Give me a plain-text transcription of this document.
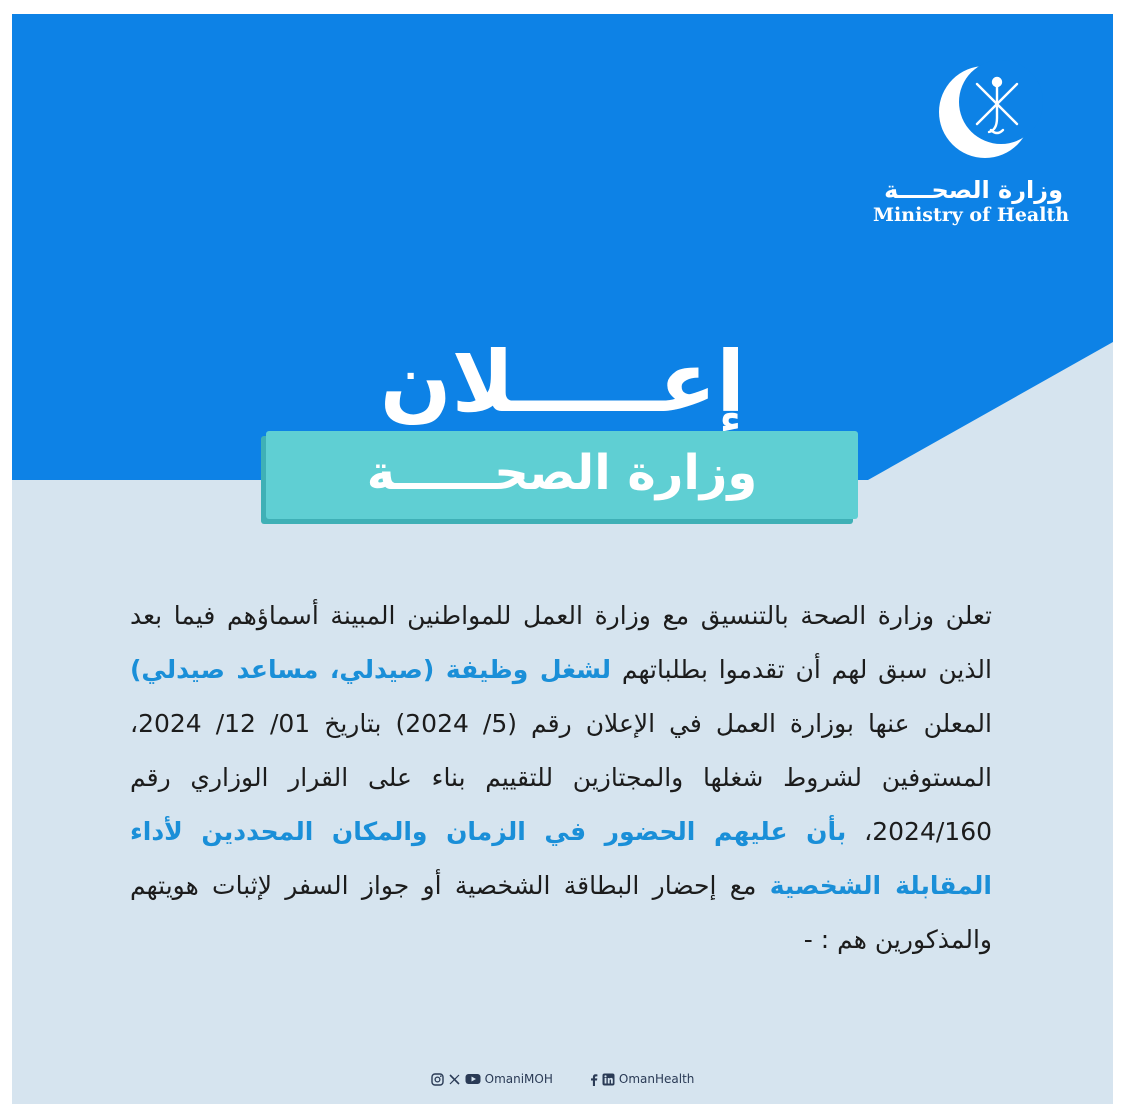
وزارة الصحــــة
Ministry of Health
إعـــــلان
وزارة الصحــــــة
تعلن وزارة الصحة بالتنسيق مع وزارة العمل للمواطنين المبينة أسماؤهم فيما بعد الذين سبق لهم أن تقدموا بطلباتهم لشغل وظيفة (صيدلي، مساعد صيدلي) المعلن عنها بوزارة العمل في الإعلان رقم (5/ 2024) بتاريخ 01/ 12/ 2024، المستوفين لشروط شغلها والمجتازين للتقييم بناء على القرار الوزاري رقم 2024/160، بأن عليهم الحضور في الزمان والمكان المحددين لأداء المقابلة الشخصية مع إحضار البطاقة الشخصية أو جواز السفر لإثبات هويتهم والمذكورين هم : -
OmaniMOH	OmanHealth
